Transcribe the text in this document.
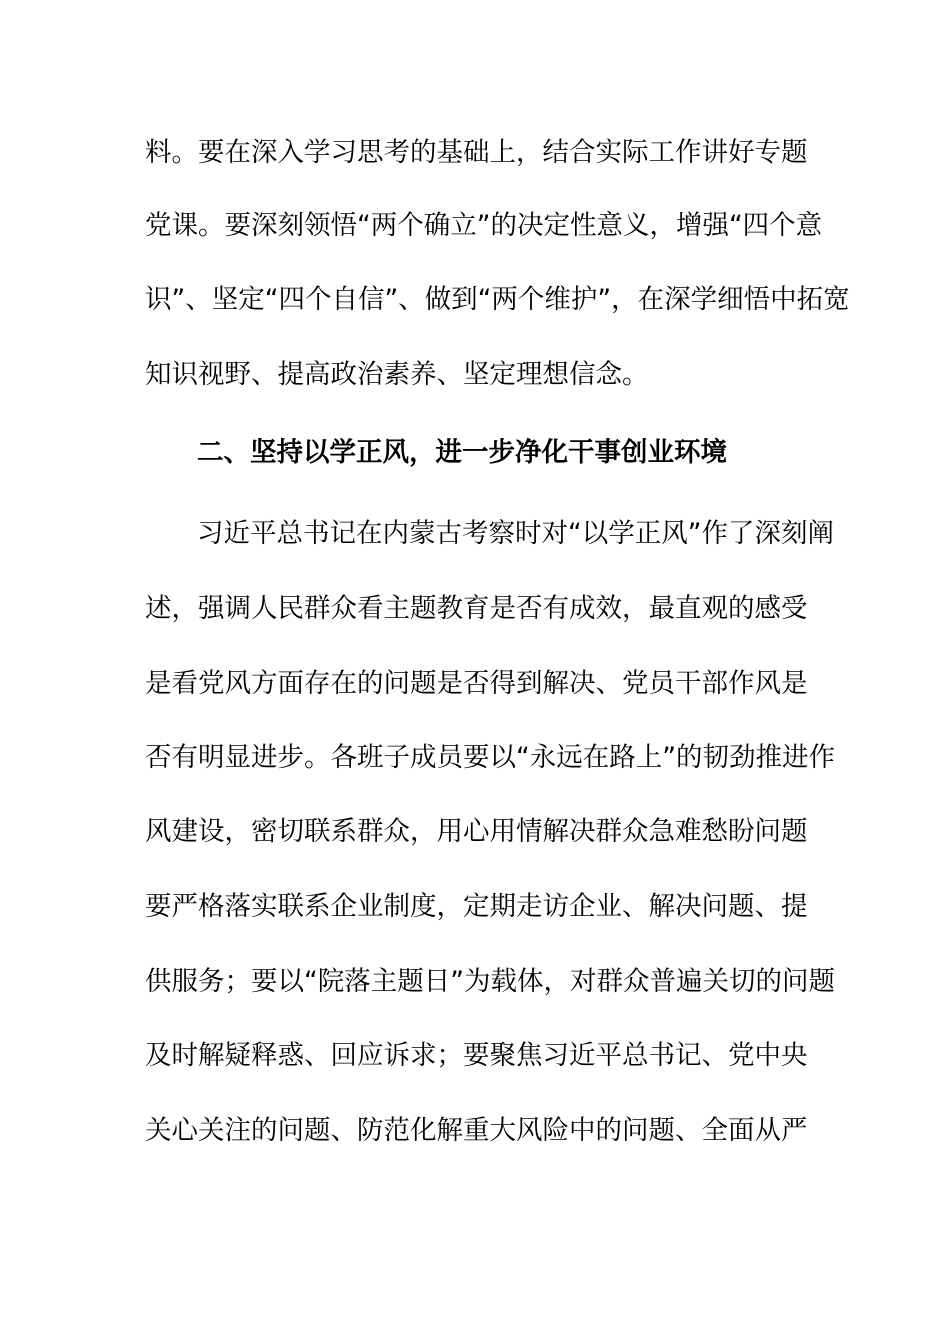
料。要在深入学习思考的基础上，结合实际工作讲好专题
党课。要深刻领悟“两个确立”的决定性意义，增强“四个意
识”、坚定“四个自信”、做到“两个维护”，在深学细悟中拓宽
知识视野、提高政治素养、坚定理想信念。
二、坚持以学正风，进一步净化干事创业环境
习近平总书记在内蒙古考察时对“以学正风”作了深刻阐
述，强调人民群众看主题教育是否有成效，最直观的感受
是看党风方面存在的问题是否得到解决、党员干部作风是
否有明显进步。各班子成员要以“永远在路上”的韧劲推进作
风建设，密切联系群众，用心用情解决群众急难愁盼问题
要严格落实联系企业制度，定期走访企业、解决问题、提
供服务；要以“院落主题日”为载体，对群众普遍关切的问题
及时解疑释惑、回应诉求；要聚焦习近平总书记、党中央
关心关注的问题、防范化解重大风险中的问题、全面从严
